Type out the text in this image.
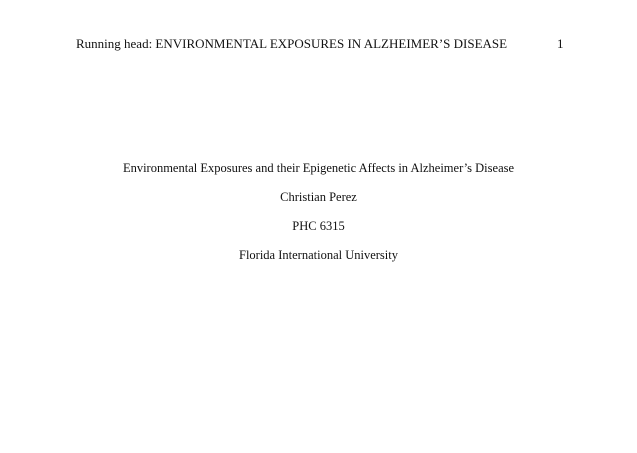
Running head: ENVIRONMENTAL EXPOSURES IN ALZHEIMER’S DISEASE	1
Environmental Exposures and their Epigenetic Affects in Alzheimer’s Disease
Christian Perez
PHC 6315
Florida International University
